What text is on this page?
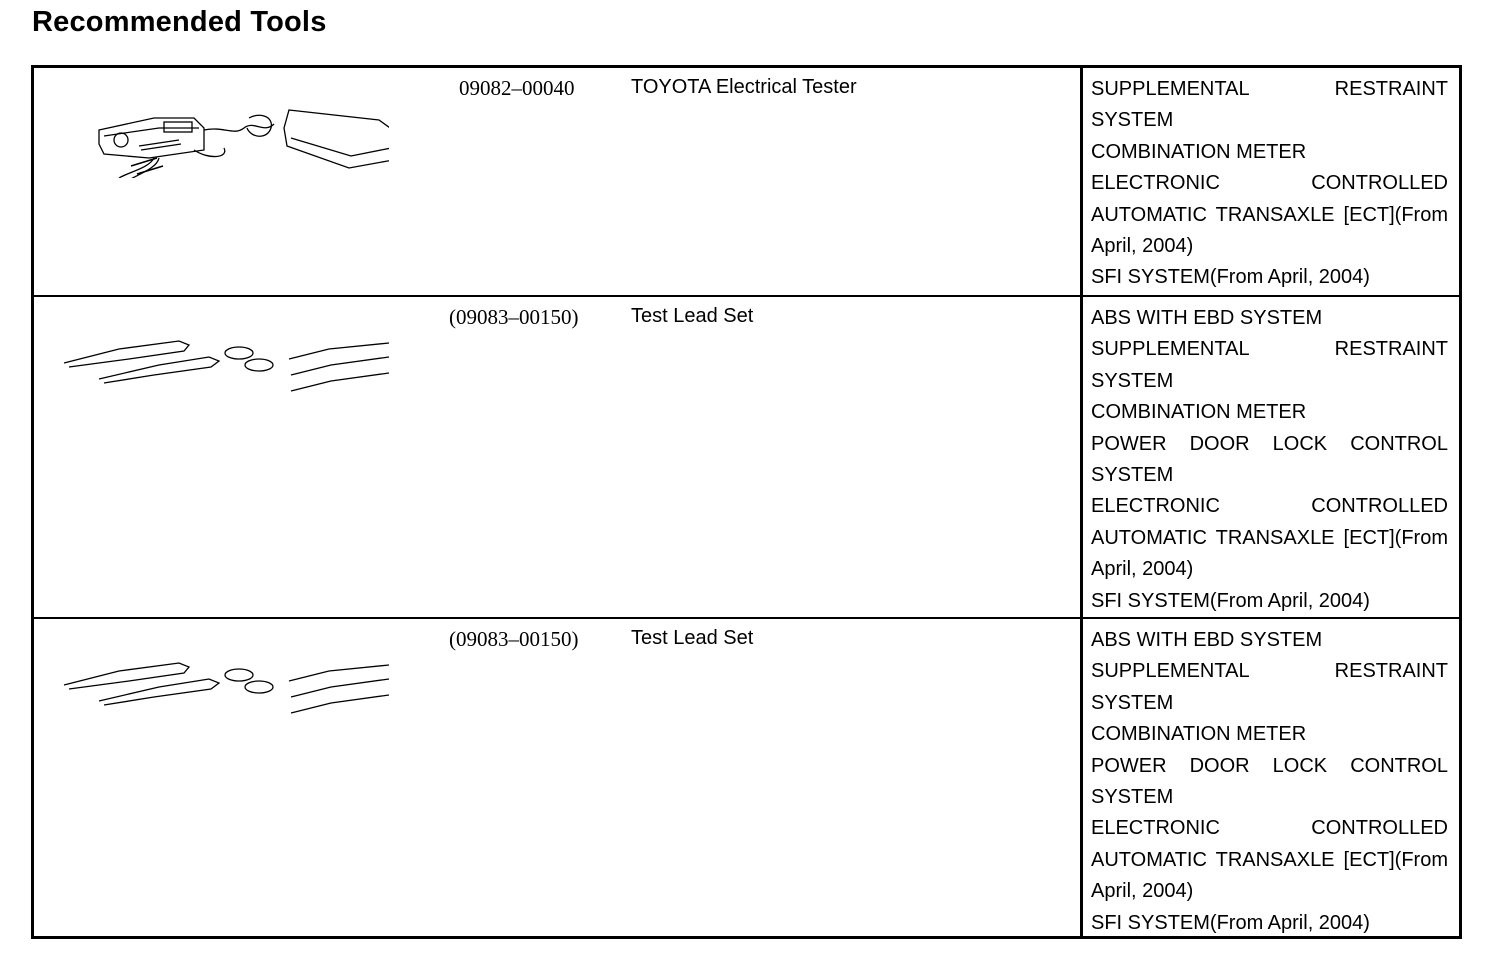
Recommended Tools
09082–00040	TOYOTA Electrical Tester	SUPPLEMENTAL RESTRAINT SYSTEM
COMBINATION METER
ELECTRONIC CONTROLLED AUTOMATIC TRANSAXLE [ECT](From April, 2004)
SFI SYSTEM(From April, 2004)
(09083–00150)	Test Lead Set	ABS WITH EBD SYSTEM
SUPPLEMENTAL RESTRAINT SYSTEM
COMBINATION METER
POWER DOOR LOCK CONTROL SYSTEM
ELECTRONIC CONTROLLED AUTOMATIC TRANSAXLE [ECT](From April, 2004)
SFI SYSTEM(From April, 2004)
(09083–00150)	Test Lead Set	ABS WITH EBD SYSTEM
SUPPLEMENTAL RESTRAINT SYSTEM
COMBINATION METER
POWER DOOR LOCK CONTROL SYSTEM
ELECTRONIC CONTROLLED AUTOMATIC TRANSAXLE [ECT](From April, 2004)
SFI SYSTEM(From April, 2004)
